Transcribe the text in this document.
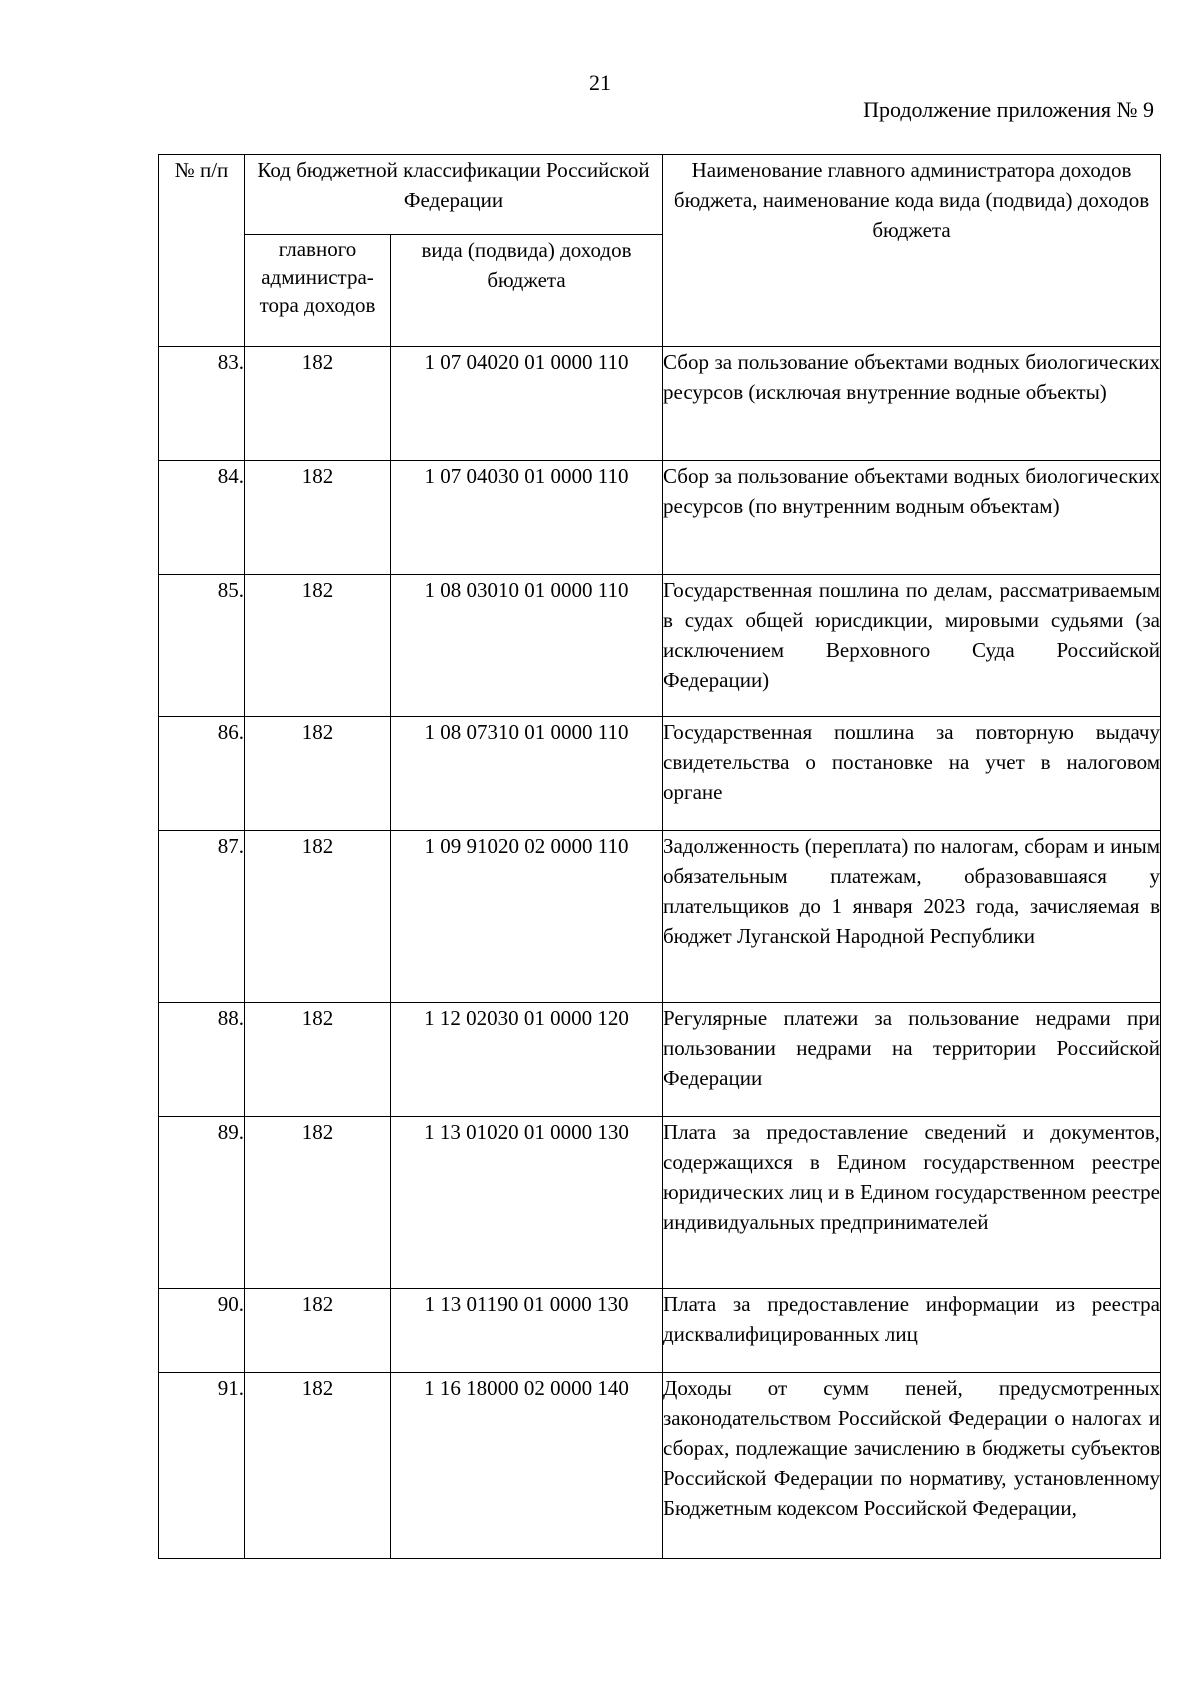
21
Продолжение приложения № 9
№ п/п	Код бюджетной классификации Российской Федерации		Наименование главного администратора доходов бюджета, наименование кода вида (подвида) доходов бюджета
	главного администра-тора доходов	вида (подвида) доходов бюджета	
83.	182	1 07 04020 01 0000 110	Сбор за пользование объектами водных биологических ресурсов (исключая внутренние водные объекты)
84.	182	1 07 04030 01 0000 110	Сбор за пользование объектами водных биологических ресурсов (по внутренним водным объектам)
85.	182	1 08 03010 01 0000 110	Государственная пошлина по делам, рассматриваемым в судах общей юрисдикции, мировыми судьями (за исключением Верховного Суда Российской Федерации)
86.	182	1 08 07310 01 0000 110	Государственная пошлина за повторную выдачу свидетельства о постановке на учет в налоговом органе
87.	182	1 09 91020 02 0000 110	Задолженность (переплата) по налогам, сборам и иным обязательным платежам, образовавшаяся у плательщиков до 1 января 2023 года, зачисляемая в бюджет Луганской Народной Республики
88.	182	1 12 02030 01 0000 120	Регулярные платежи за пользование недрами при пользовании недрами на территории Российской Федерации
89.	182	1 13 01020 01 0000 130	Плата за предоставление сведений и документов, содержащихся в Едином государственном реестре юридических лиц и в Едином государственном реестре индивидуальных предпринимателей
90.	182	1 13 01190 01 0000 130	Плата за предоставление информации из реестра дисквалифицированных лиц
91.	182	1 16 18000 02 0000 140	Доходы от сумм пеней, предусмотренных законодательством Российской Федерации о налогах и сборах, подлежащие зачислению в бюджеты субъектов Российской Федерации по нормативу, установленному Бюджетным кодексом Российской Федерации,
